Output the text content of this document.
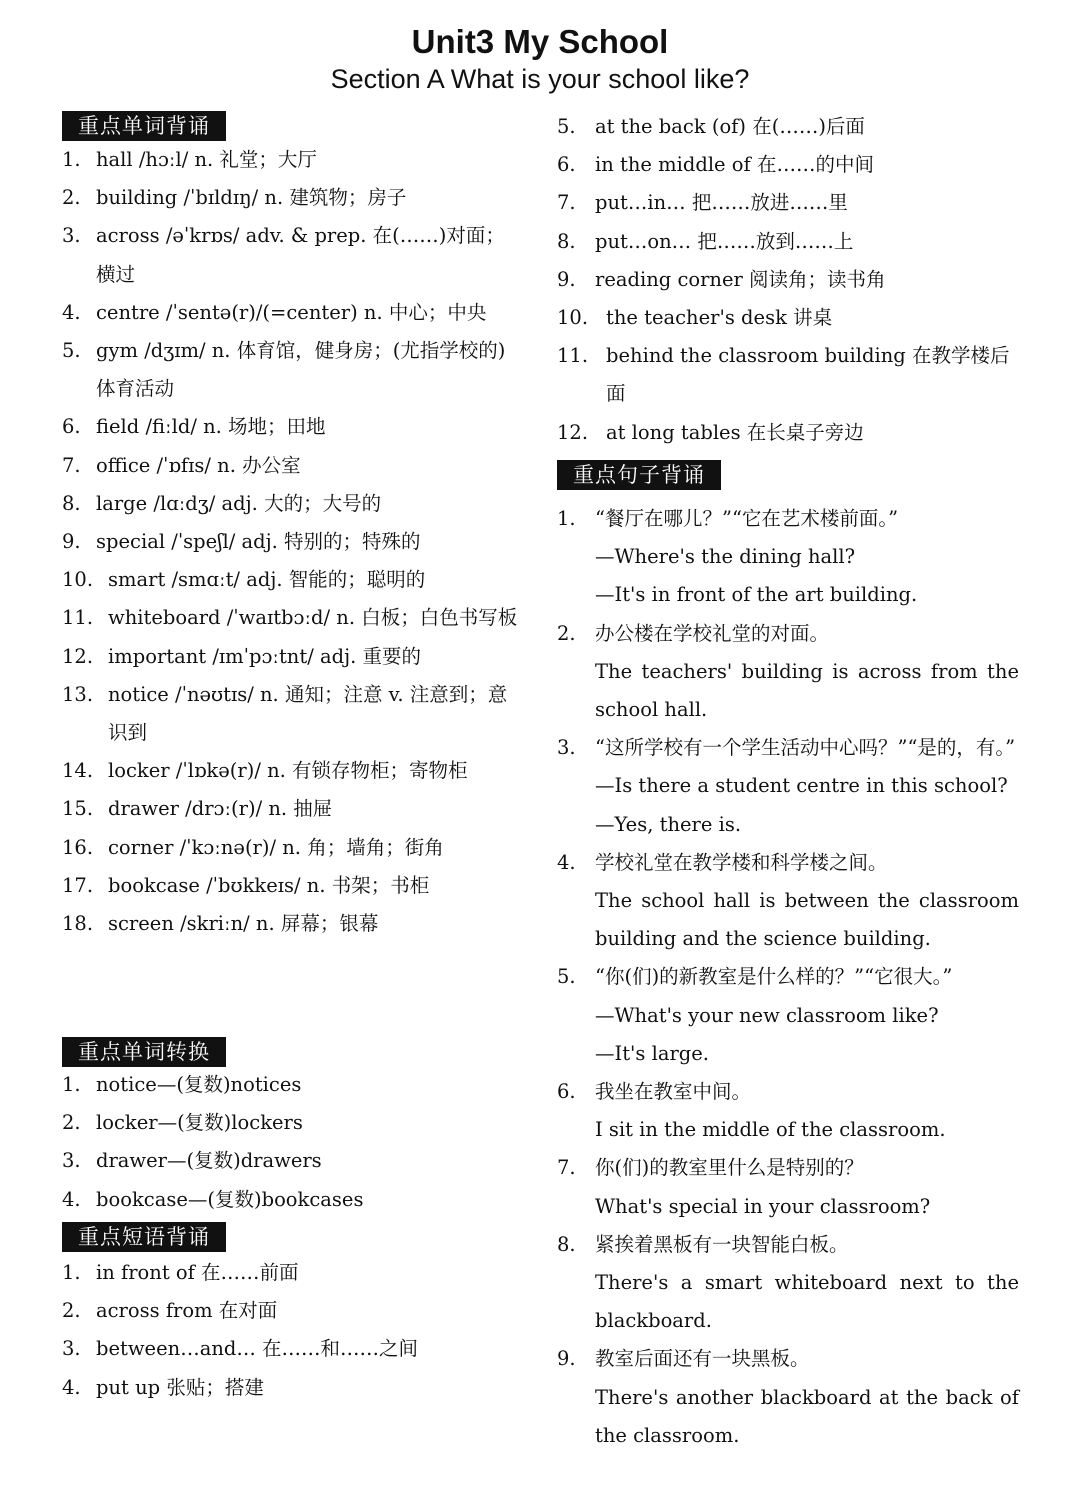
Unit3 My School
Section A What is your school like?
重点单词背诵
1. hall /hɔːl/ n. 礼堂；大厅
2. building /ˈbɪldɪŋ/ n. 建筑物；房子
3. across /əˈkrɒs/ adv. & prep. 在(……)对面；横过
4. centre /ˈsentə(r)/(=center) n. 中心；中央
5. gym /dʒɪm/ n. 体育馆，健身房；(尤指学校的)体育活动
6. field /fiːld/ n. 场地；田地
7. office /ˈɒfɪs/ n. 办公室
8. large /lɑːdʒ/ adj. 大的；大号的
9. special /ˈspeʃl/ adj. 特别的；特殊的
10. smart /smɑːt/ adj. 智能的；聪明的
11. whiteboard /ˈwaɪtbɔːd/ n. 白板；白色书写板
12. important /ɪmˈpɔːtnt/ adj. 重要的
13. notice /ˈnəʊtɪs/ n. 通知；注意 v. 注意到；意识到
14. locker /ˈlɒkə(r)/ n. 有锁存物柜；寄物柜
15. drawer /drɔː(r)/ n. 抽屉
16. corner /ˈkɔːnə(r)/ n. 角；墙角；街角
17. bookcase /ˈbʊkkeɪs/ n. 书架；书柜
18. screen /skriːn/ n. 屏幕；银幕
重点单词转换
1. notice—(复数)notices
2. locker—(复数)lockers
3. drawer—(复数)drawers
4. bookcase—(复数)bookcases
重点短语背诵
1. in front of 在……前面
2. across from 在对面
3. between…and… 在……和……之间
4. put up 张贴；搭建
5. at the back (of) 在(……)后面
6. in the middle of 在……的中间
7. put…in… 把……放进……里
8. put…on… 把……放到……上
9. reading corner 阅读角；读书角
10. the teacher's desk 讲桌
11. behind the classroom building 在教学楼后面
12. at long tables 在长桌子旁边
重点句子背诵
1. “餐厅在哪儿？”“它在艺术楼前面。”
—Where's the dining hall?
—It's in front of the art building.
2. 办公楼在学校礼堂的对面。
The teachers' building is across from the school hall.
3. “这所学校有一个学生活动中心吗？”“是的，有。”
—Is there a student centre in this school?
—Yes, there is.
4. 学校礼堂在教学楼和科学楼之间。
The school hall is between the classroom building and the science building.
5. “你(们)的新教室是什么样的？”“它很大。”
—What's your new classroom like?
—It's large.
6. 我坐在教室中间。
I sit in the middle of the classroom.
7. 你(们)的教室里什么是特别的？
What's special in your classroom?
8. 紧挨着黑板有一块智能白板。
There's a smart whiteboard next to the blackboard.
9. 教室后面还有一块黑板。
There's another blackboard at the back of the classroom.
